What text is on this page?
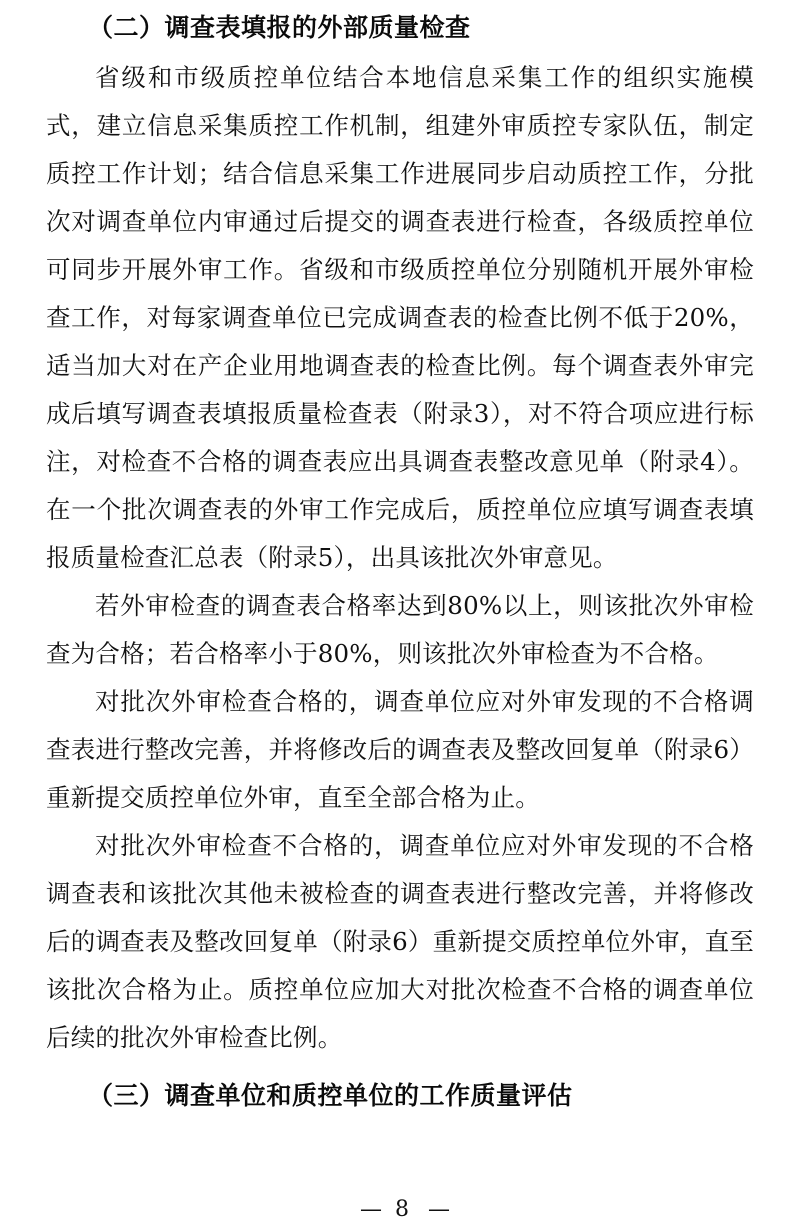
（二）调查表填报的外部质量检查

省级和市级质控单位结合本地信息采集工作的组织实施模式，建立信息采集质控工作机制，组建外审质控专家队伍，制定质控工作计划；结合信息采集工作进展同步启动质控工作，分批次对调查单位内审通过后提交的调查表进行检查，各级质控单位可同步开展外审工作。省级和市级质控单位分别随机开展外审检查工作，对每家调查单位已完成调查表的检查比例不低于20%，适当加大对在产企业用地调查表的检查比例。每个调查表外审完成后填写调查表填报质量检查表（附录3），对不符合项应进行标注，对检查不合格的调查表应出具调查表整改意见单（附录4）。在一个批次调查表的外审工作完成后，质控单位应填写调查表填报质量检查汇总表（附录5），出具该批次外审意见。

若外审检查的调查表合格率达到80%以上，则该批次外审检查为合格；若合格率小于80%，则该批次外审检查为不合格。

对批次外审检查合格的，调查单位应对外审发现的不合格调查表进行整改完善，并将修改后的调查表及整改回复单（附录6）重新提交质控单位外审，直至全部合格为止。

对批次外审检查不合格的，调查单位应对外审发现的不合格调查表和该批次其他未被检查的调查表进行整改完善，并将修改后的调查表及整改回复单（附录6）重新提交质控单位外审，直至该批次合格为止。质控单位应加大对批次检查不合格的调查单位后续的批次外审检查比例。

（三）调查单位和质控单位的工作质量评估
— 8 —
